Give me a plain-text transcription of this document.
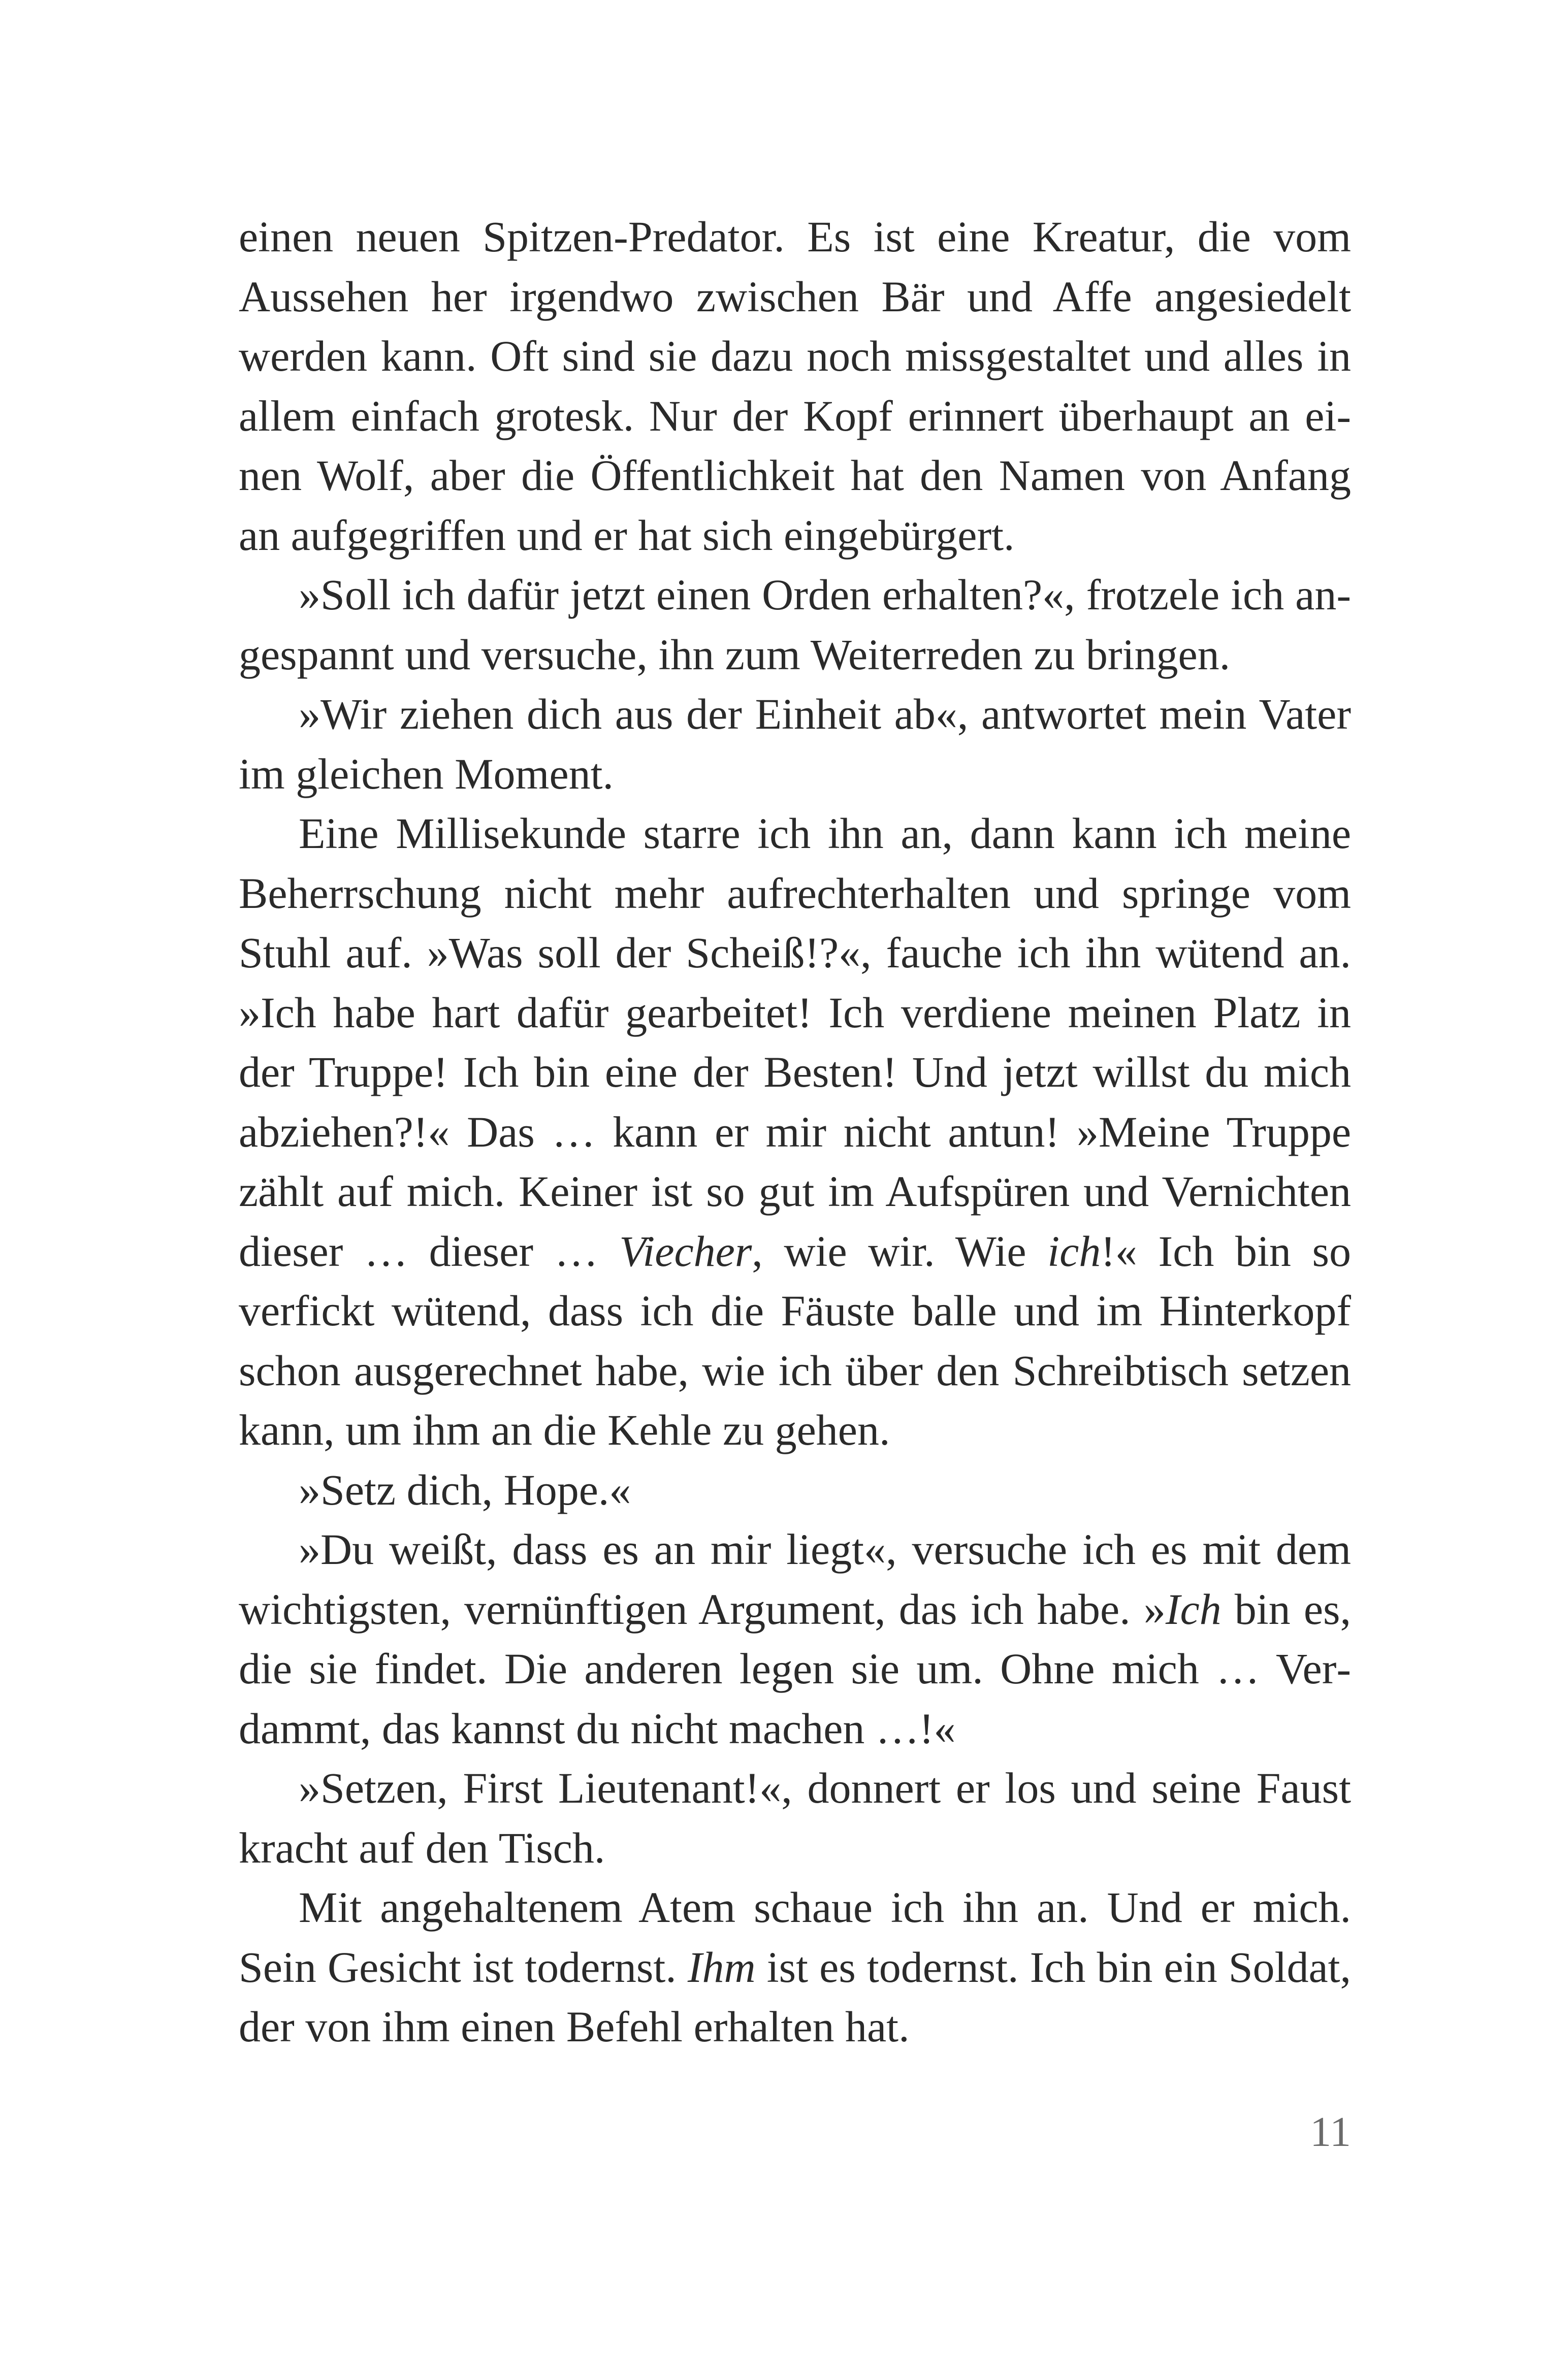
einen neuen Spitzen-Predator. Es ist eine Kreatur, die vom Aussehen her irgendwo zwischen Bär und Affe angesiedelt werden kann. Oft sind sie dazu noch missgestaltet und alles in allem einfach grotesk. Nur der Kopf erinnert überhaupt an einen Wolf, aber die Öffentlichkeit hat den Namen von Anfang an aufgegriffen und er hat sich eingebürgert.

»Soll ich dafür jetzt einen Orden erhalten?«, frotzele ich angespannt und versuche, ihn zum Weiterreden zu bringen.

»Wir ziehen dich aus der Einheit ab«, antwortet mein Vater im gleichen Moment.

Eine Millisekunde starre ich ihn an, dann kann ich meine Beherrschung nicht mehr aufrechterhalten und springe vom Stuhl auf. »Was soll der Scheiß!?«, fauche ich ihn wütend an. »Ich habe hart dafür gearbeitet! Ich verdiene meinen Platz in der Truppe! Ich bin eine der Besten! Und jetzt willst du mich abziehen?!« Das … kann er mir nicht antun! »Meine Truppe zählt auf mich. Keiner ist so gut im Aufspüren und Vernichten dieser … dieser … Viecher, wie wir. Wie ich!« Ich bin so verfickt wütend, dass ich die Fäuste balle und im Hinterkopf schon ausgerechnet habe, wie ich über den Schreibtisch setzen kann, um ihm an die Kehle zu gehen.

»Setz dich, Hope.«

»Du weißt, dass es an mir liegt«, versuche ich es mit dem wichtigsten, vernünftigen Argument, das ich habe. »Ich bin es, die sie findet. Die anderen legen sie um. Ohne mich … Verdammt, das kannst du nicht machen …!«

»Setzen, First Lieutenant!«, donnert er los und seine Faust kracht auf den Tisch.

Mit angehaltenem Atem schaue ich ihn an. Und er mich. Sein Gesicht ist todernst. Ihm ist es todernst. Ich bin ein Soldat, der von ihm einen Befehl erhalten hat.

11
